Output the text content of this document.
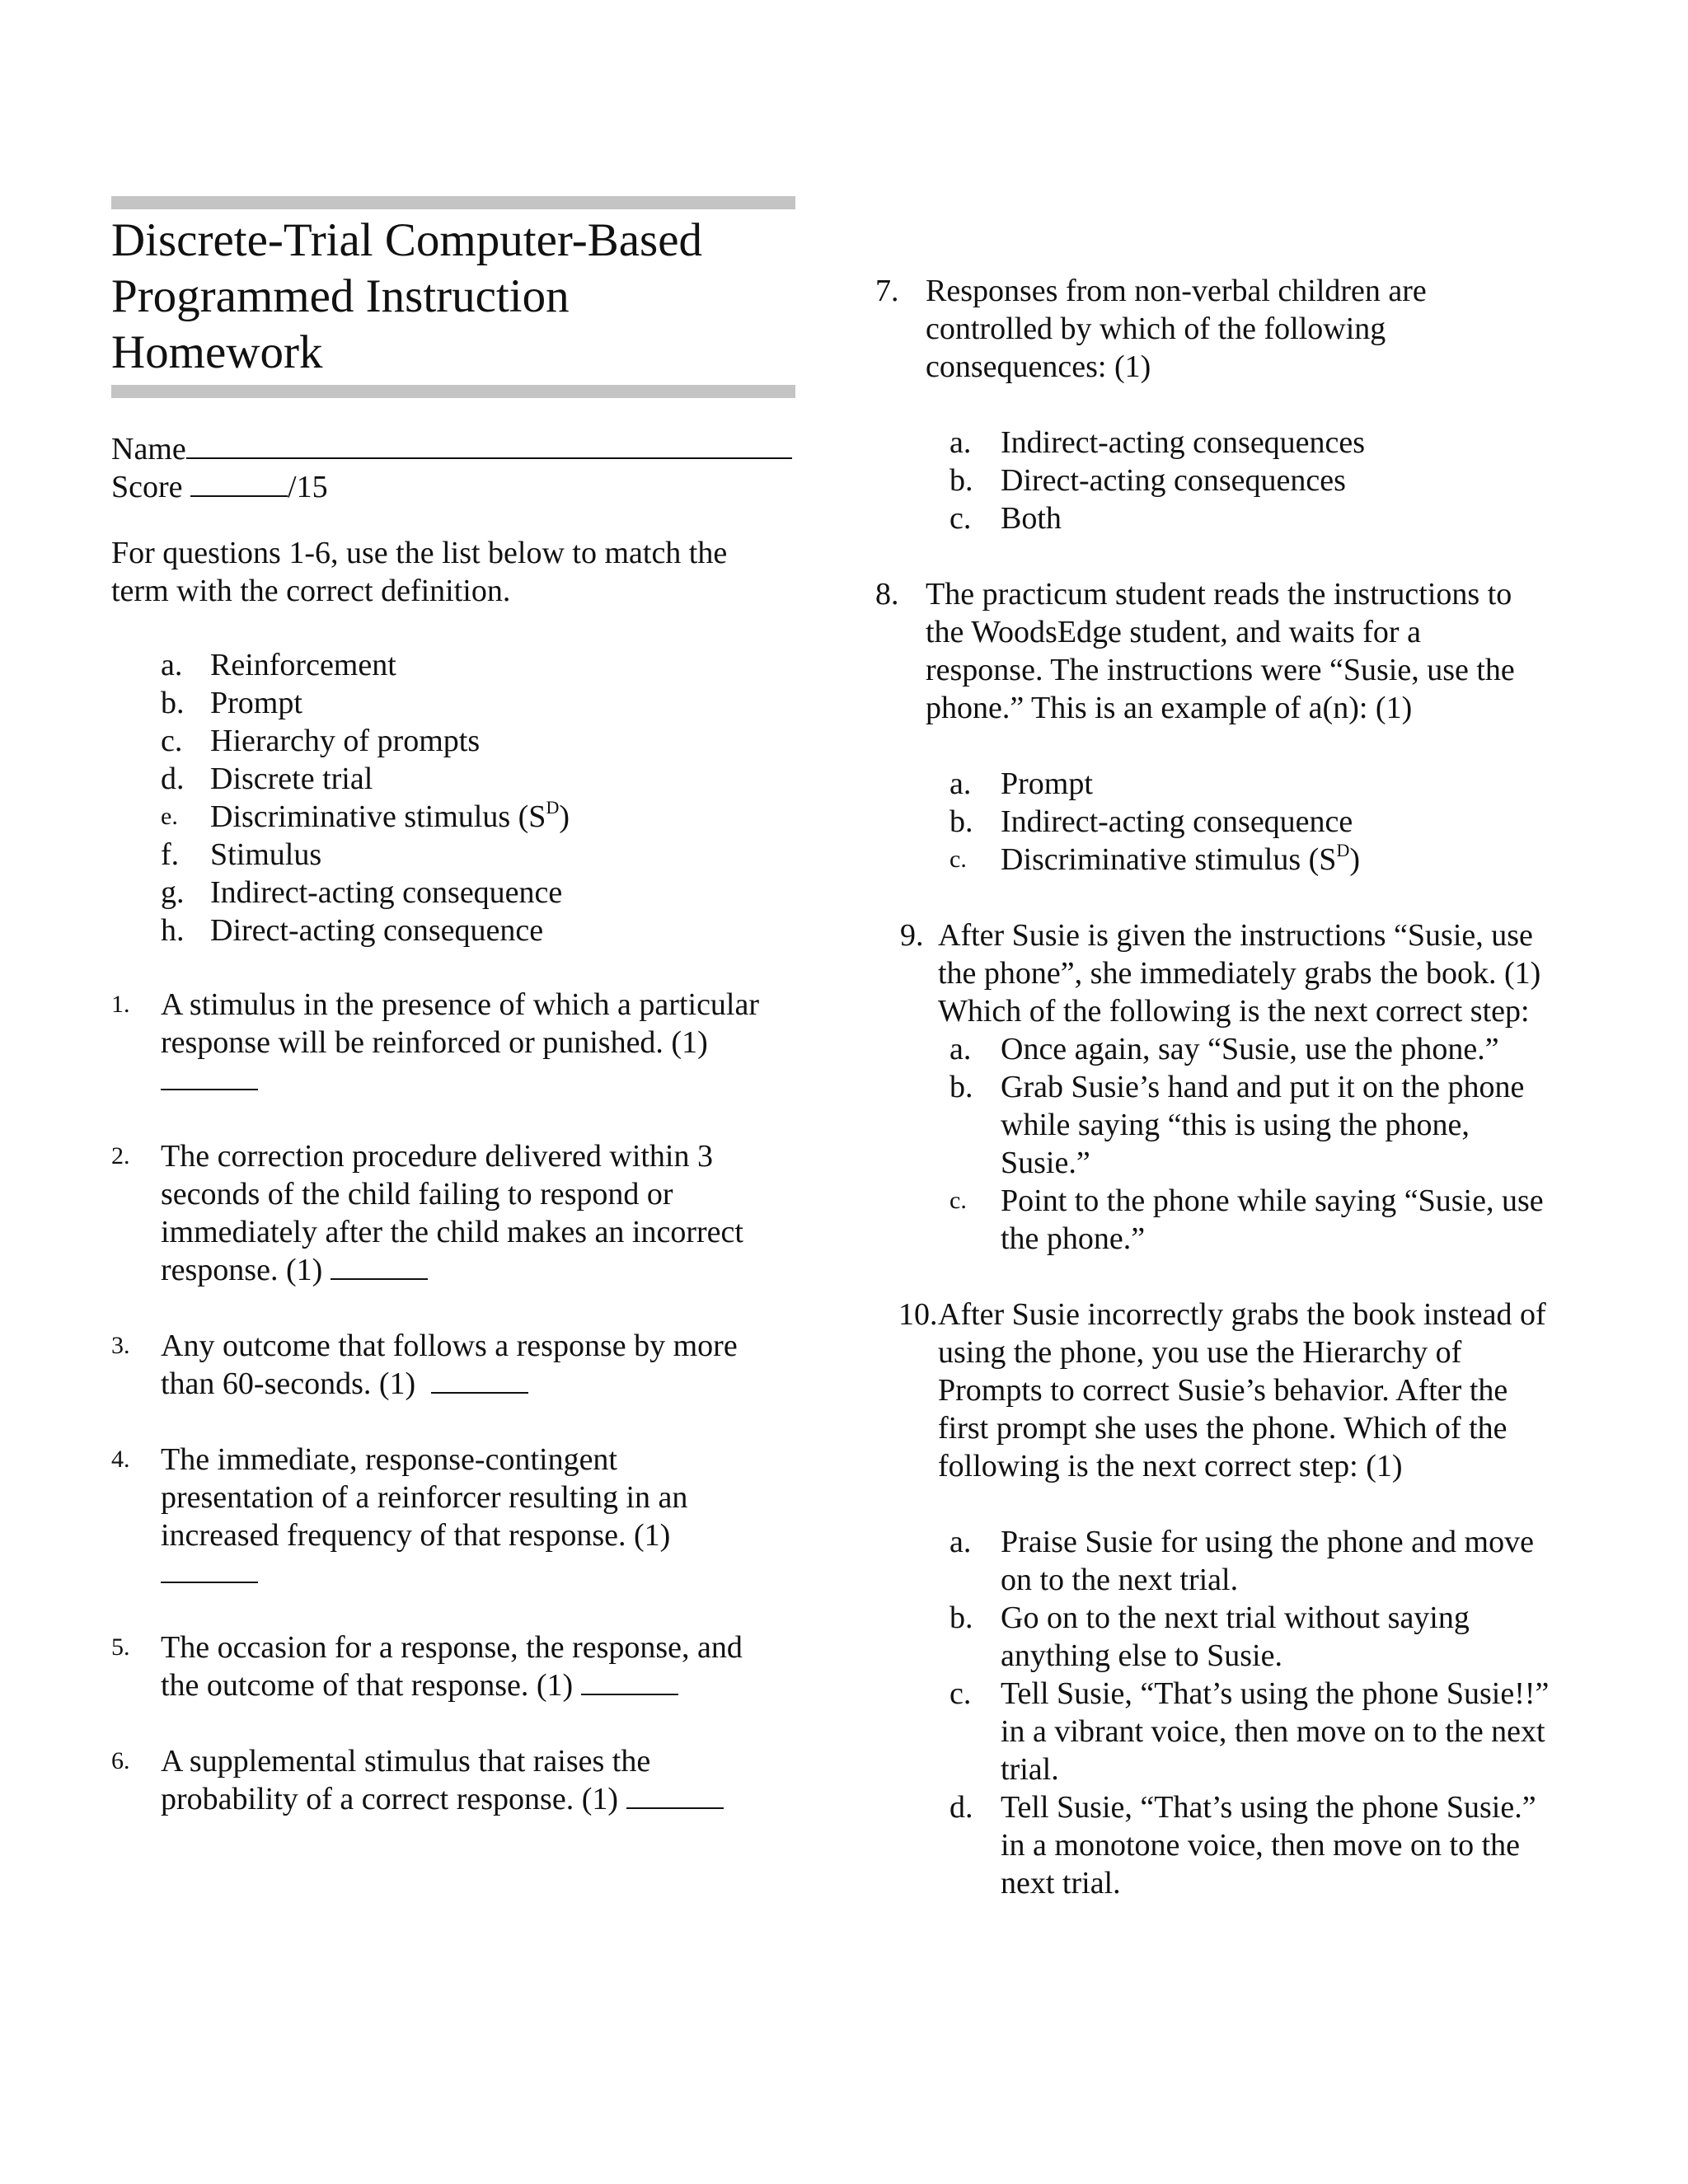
Discrete-Trial Computer-Based
Programmed Instruction
Homework
Name
Score	/15
For questions 1-6, use the list below to match the
term with the correct definition.
a. Reinforcement
b. Prompt
c. Hierarchy of prompts
d. Discrete trial
e.	Discriminative stimulus $(S^D)$
f. Stimulus
g. Indirect-acting consequence
h. Direct-acting consequence
1. A stimulus in the presence of which a particular
response will be reinforced or punished. (1)
2. The correction procedure delivered within 3
seconds of the child failing to respond or
immediately after the child makes an incorrect
response. (1)
3. Any outcome that follows a response by more
than 60-seconds. (1)
4. The immediate, response-contingent
presentation of a reinforcer resulting in an
increased frequency of that response. (1)
5. The occasion for a response, the response, and
the outcome of that response. (1)
6. A supplemental stimulus that raises the
probability of a correct response. (1)
7. Responses from non-verbal children are
controlled by which of the following
consequences: (1)
a. Indirect-acting consequences
b. Direct-acting consequences
c. Both
8. The practicum student reads the instructions to
the WoodsEdge student, and waits for a
response. The instructions were “Susie, use the
phone.” This is an example of a(n): (1)
a. Prompt
b. Indirect-acting consequence
c.	Discriminative stimulus $(S^D)$
9. After Susie is given the instructions “Susie, use
the phone”, she immediately grabs the book. (1)
Which of the following is the next correct step:
a. Once again, say “Susie, use the phone.”
b. Grab Susie’s hand and put it on the phone
while saying “this is using the phone,
Susie.”
c.	Point to the phone while saying “Susie, use
the phone.”
10. After Susie incorrectly grabs the book instead of
using the phone, you use the Hierarchy of
Prompts to correct Susie’s behavior. After the
first prompt she uses the phone. Which of the
following is the next correct step: (1)
a. Praise Susie for using the phone and move
on to the next trial.
b. Go on to the next trial without saying
anything else to Susie.
c. Tell Susie, “That’s using the phone Susie!!”
in a vibrant voice, then move on to the next
trial.
d. Tell Susie, “That’s using the phone Susie.”
in a monotone voice, then move on to the
next trial.
